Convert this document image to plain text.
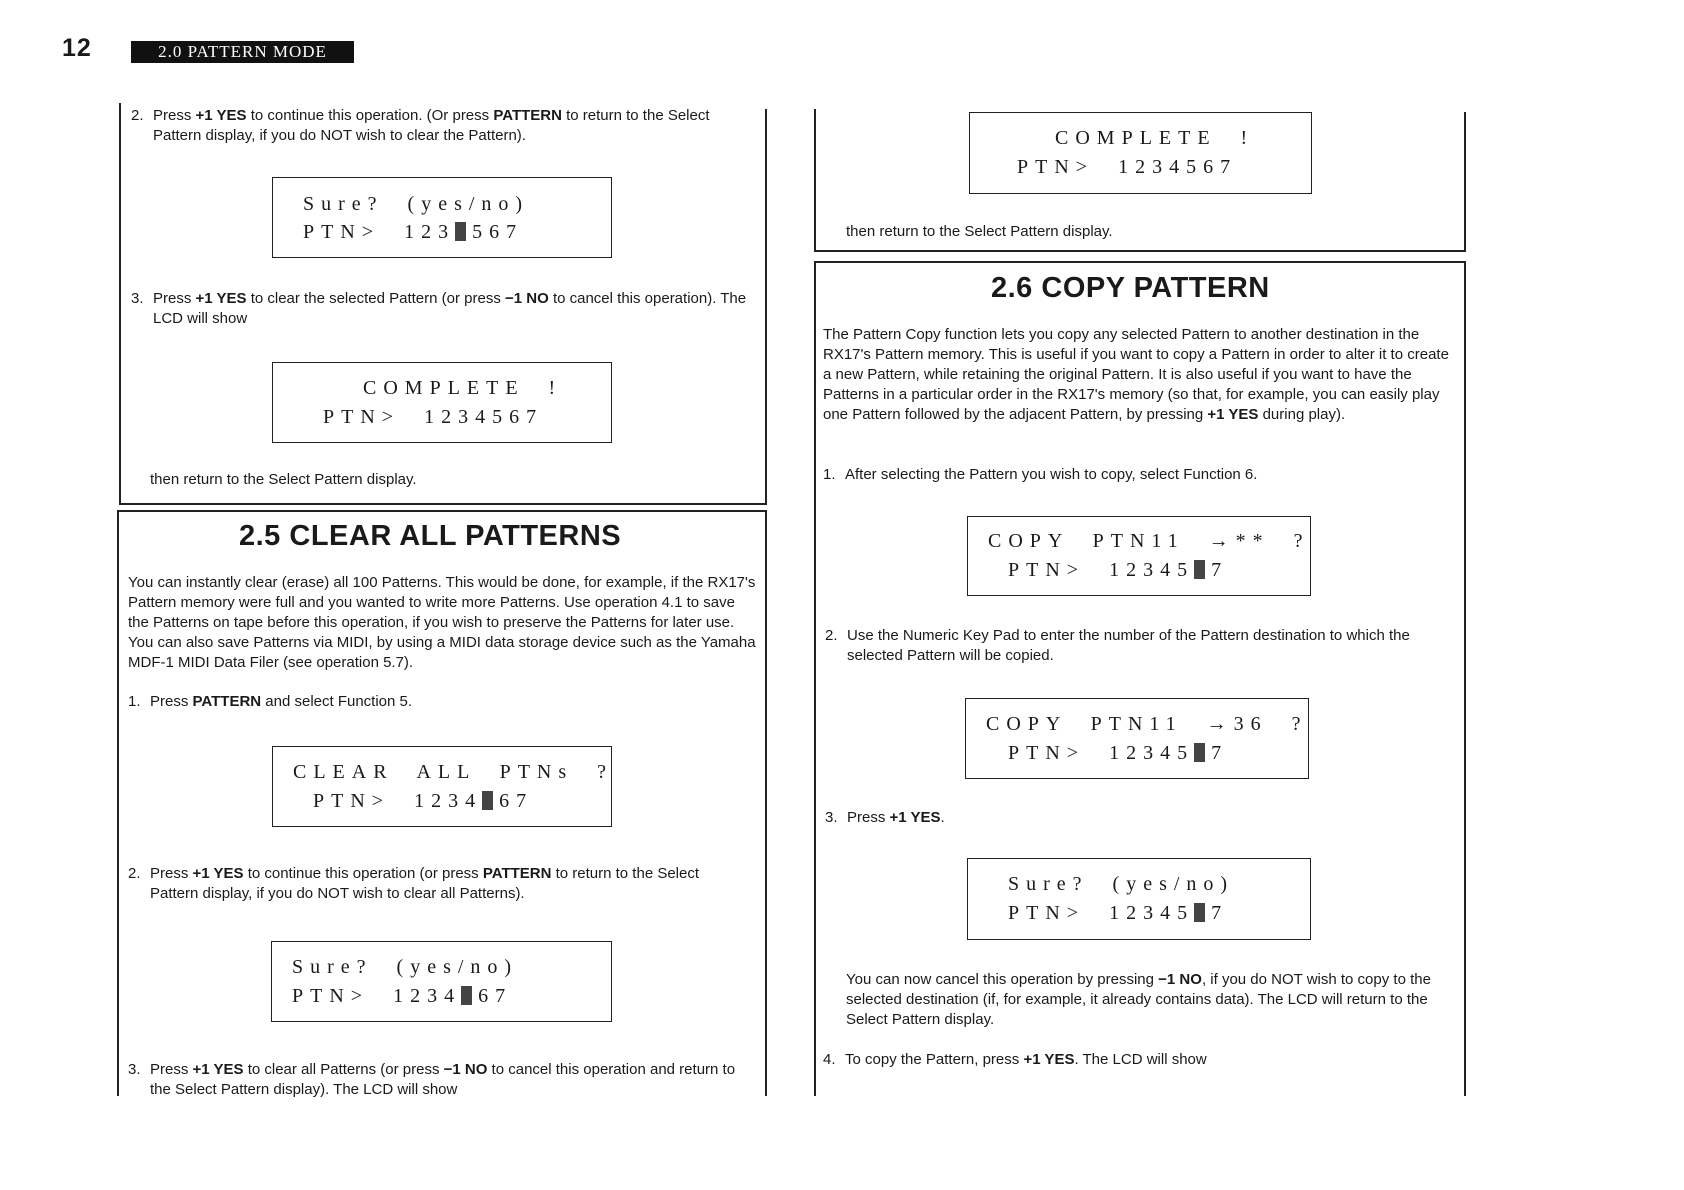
12	2.0 PATTERN MODE
2. Press +1 YES to continue this operation. (Or press PATTERN to return to the Select Pattern display, if you do NOT wish to clear the Pattern).
Sure?  (yes/no)
PTN>  123 567
3. Press +1 YES to clear the selected Pattern (or press −1 NO to cancel this operation). The LCD will show
COMPLETE  !
PTN>  1234567
then return to the Select Pattern display.
2.5 CLEAR ALL PATTERNS
You can instantly clear (erase) all 100 Patterns. This would be done, for example, if the RX17's Pattern memory were full and you wanted to write more Patterns. Use operation 4.1 to save the Patterns on tape before this operation, if you wish to preserve the Patterns for later use. You can also save Patterns via MIDI, by using a MIDI data storage device such as the Yamaha MDF-1 MIDI Data Filer (see operation 5.7).
1. Press PATTERN and select Function 5.
CLEAR  ALL  PTNs  ?
PTN>  1234 67
2. Press +1 YES to continue this operation (or press PATTERN to return to the Select Pattern display, if you do NOT wish to clear all Patterns).
Sure?  (yes/no)
PTN>  1234 67
3. Press +1 YES to clear all Patterns (or press −1 NO to cancel this operation and return to the Select Pattern display). The LCD will show
COMPLETE  !
PTN>  1234567
then return to the Select Pattern display.
2.6 COPY PATTERN
The Pattern Copy function lets you copy any selected Pattern to another destination in the RX17's Pattern memory. This is useful if you want to copy a Pattern in order to alter it to create a new Pattern, while retaining the original Pattern. It is also useful if you want to have the Patterns in a particular order in the RX17's memory (so that, for example, you can easily play one Pattern followed by the adjacent Pattern, by pressing +1 YES during play).
1. After selecting the Pattern you wish to copy, select Function 6.
COPY  PTN11  →**  ?
PTN>  12345 7
2. Use the Numeric Key Pad to enter the number of the Pattern destination to which the selected Pattern will be copied.
COPY  PTN11  →36  ?
PTN>  12345 7
3. Press +1 YES.
Sure?  (yes/no)
PTN>  12345 7
You can now cancel this operation by pressing −1 NO, if you do NOT wish to copy to the selected destination (if, for example, it already contains data). The LCD will return to the Select Pattern display.
4. To copy the Pattern, press +1 YES. The LCD will show
